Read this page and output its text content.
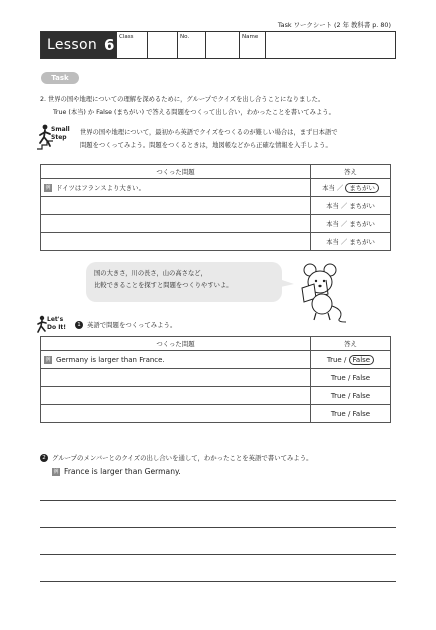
Task ワークシート (2 年 教科書 p. 80)
Lesson 6 Class	No.	Name
Task
2. 世界の国や地理についての理解を深めるために，グループでクイズを出し合うことになりました。
True (本当) か False (まちがい) で答える問題をつくって出し合い，わかったことを書いてみよう。
Small
Step
世界の国や地理について，最初から英語でクイズをつくるのが難しい場合は，まず日本語で
問題をつくってみよう。問題をつくるときは，地図帳などから正確な情報を入手しよう。
つくった問題	答え
例 ドイツはフランスより大きい。	本当 ／ まちがい
	本当 ／ まちがい
	本当 ／ まちがい
	本当 ／ まちがい
国の大きさ，川の長さ，山の高さなど，
比較できることを探すと問題をつくりやすいよ。
Let's
Do It!	1 英語で問題をつくってみよう。
つくった問題	答え
例 Germany is larger than France.	True / False
	True / False
	True / False
	True / False
2 グループのメンバーとのクイズの出し合いを通して，わかったことを英語で書いてみよう。
例 France is larger than Germany.
